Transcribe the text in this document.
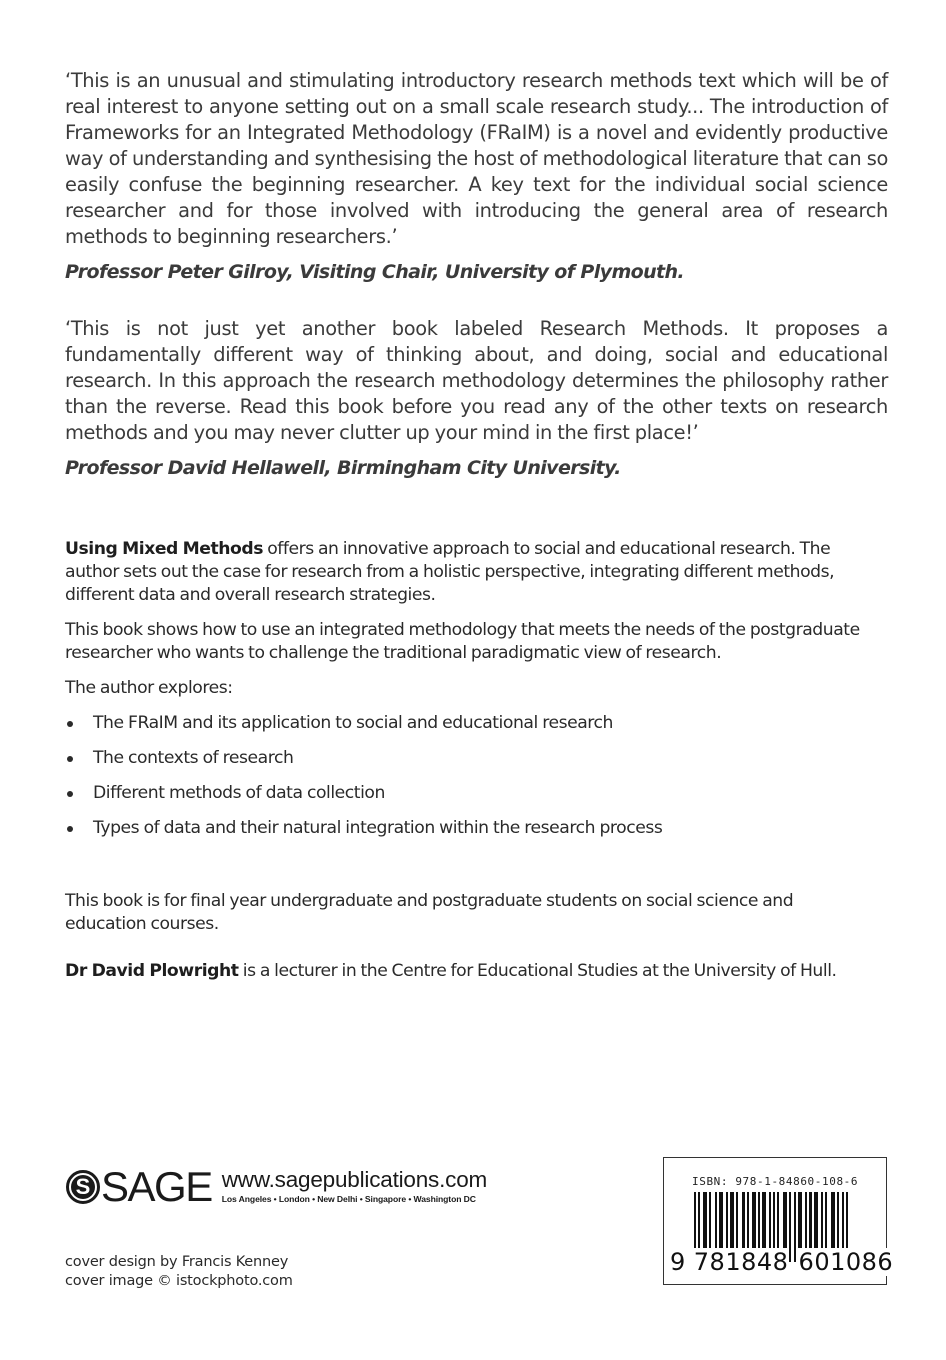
‘This is an unusual and stimulating introductory research methods text which will be of real interest to anyone setting out on a small scale research study... The introduction of Frameworks for an Integrated Methodology (FRaIM) is a novel and evidently productive way of understanding and synthesising the host of methodological literature that can so easily confuse the beginning researcher. A key text for the individual social science researcher and for those involved with introducing the general area of research methods to beginning researchers.’

Professor Peter Gilroy, Visiting Chair, University of Plymouth.

‘This is not just yet another book labeled Research Methods. It proposes a fundamentally different way of thinking about, and doing, social and educational research. In this approach the research methodology determines the philosophy rather than the reverse. Read this book before you read any of the other texts on research methods and you may never clutter up your mind in the first place!’

Professor David Hellawell, Birmingham City University.

Using Mixed Methods offers an innovative approach to social and educational research. The author sets out the case for research from a holistic perspective, integrating different methods, different data and overall research strategies.

This book shows how to use an integrated methodology that meets the needs of the postgraduate researcher who wants to challenge the traditional paradigmatic view of research.

The author explores:

The FRaIM and its application to social and educational research
The contexts of research
Different methods of data collection
Types of data and their natural integration within the research process

This book is for final year undergraduate and postgraduate students on social science and education courses.

Dr David Plowright is a lecturer in the Centre for Educational Studies at the University of Hull.

S SAGE www.sagepublications.com
Los Angeles • London • New Delhi • Singapore • Washington DC
cover design by Francis Kenney
cover image © istockphoto.com
ISBN: 978-1-84860-108-6
9 781848 601086
